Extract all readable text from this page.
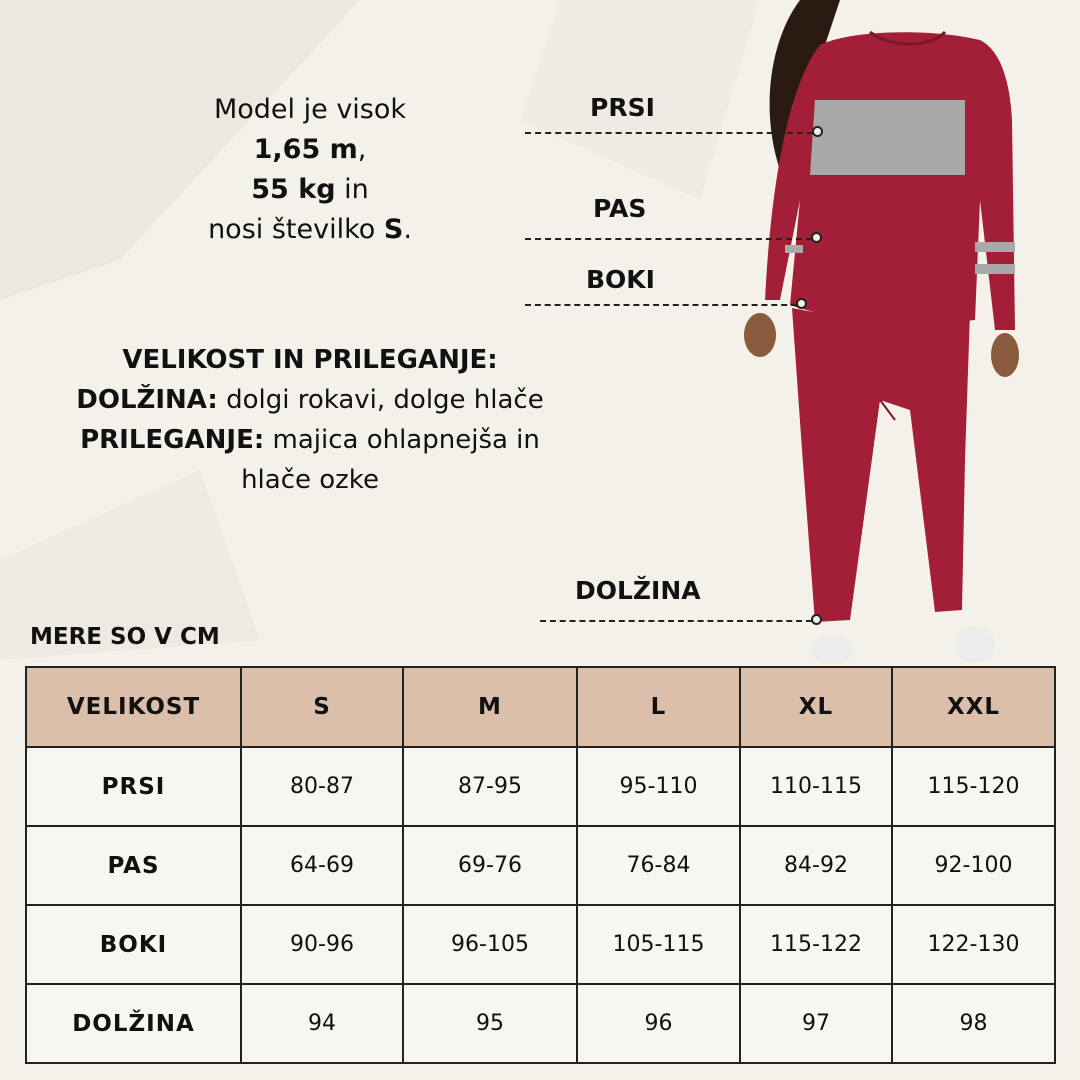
Model je visok
1,65 m,
55 kg in
nosi številko S.
VELIKOST IN PRILEGANJE:
DOLŽINA: dolgi rokavi, dolge hlače
PRILEGANJE: majica ohlapnejša in
hlače ozke
PRSI
PAS
BOKI
DOLŽINA
MERE SO V CM
VELIKOST	S	M	L	XL	XXL
PRSI	80-87	87-95	95-110	110-115	115-120
PAS	64-69	69-76	76-84	84-92	92-100
BOKI	90-96	96-105	105-115	115-122	122-130
DOLŽINA	94	95	96	97	98
